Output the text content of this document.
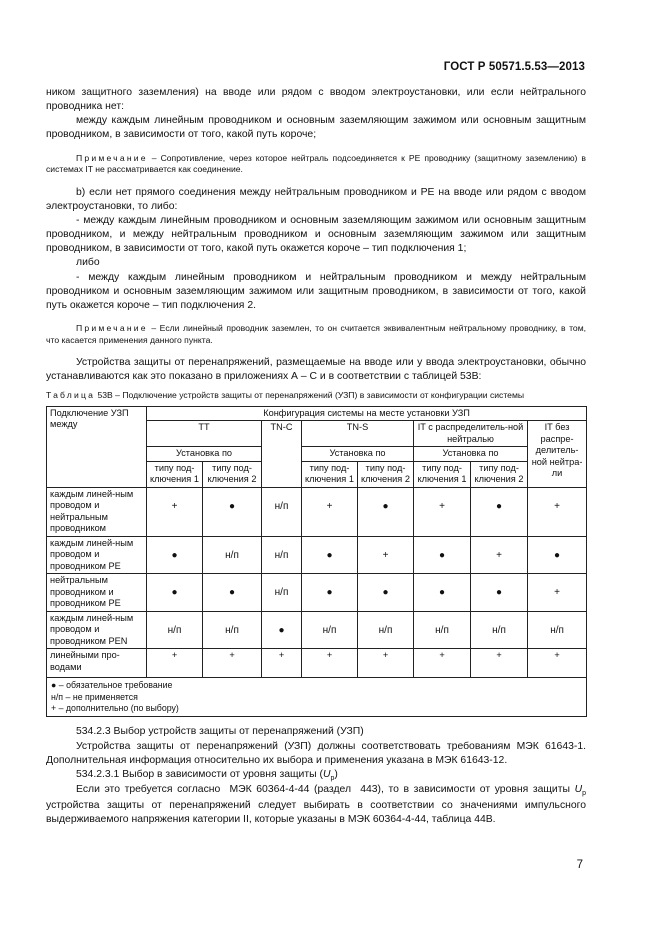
ГОСТ Р 50571.5.53—2013

ником защитного заземления) на вводе или рядом с вводом электроустановки, или если нейтрального проводника нет:

между каждым линейным проводником и основным заземляющим зажимом или основным защитным проводником, в зависимости от того, какой путь короче;

Примечание – Сопротивление, через которое нейтраль подсоединяется к PE проводнику (защитному заземлению) в системах IT не рассматривается как соединение.

b) если нет прямого соединения между нейтральным проводником и PE на вводе или рядом с вводом электроустановки, то либо:

- между каждым линейным проводником и основным заземляющим зажимом или основным защитным проводником, и между нейтральным проводником и основным заземляющим зажимом или защитным проводником, в зависимости от того, какой путь окажется короче – тип подключения 1;

либо

- между каждым линейным проводником и нейтральным проводником и между нейтральным проводником и основным заземляющим зажимом или защитным проводником, в зависимости от того, какой путь окажется короче – тип подключения 2.

Примечание – Если линейный проводник заземлен, то он считается эквивалентным нейтральному проводнику, в том, что касается применения данного пункта.

Устройства защиты от перенапряжений, размещаемые на вводе или у ввода электроустановки, обычно устанавливаются как это показано в приложениях А – С и в соответствии с таблицей 53В:

Таблица 53В – Подключение устройств защиты от перенапряжений (УЗП) в зависимости от конфигурации системы

Подключение УЗП между	Конфигурация системы на месте установки УЗП							
	TT		TN-C	TN-S		IT с распределитель-ной нейтралью		IT без распре-делитель-ной нейтра-ли
	Установка по			Установка по		Установка по		
	типу под-ключения 1	типу под-ключения 2		типу под-ключения 1	типу под-ключения 2	типу под-ключения 1	типу под-ключения 2	
каждым линей-ным проводом и нейтральным проводником	+	●	н/п	+	●	+	●	+
каждым линей-ным проводом и проводником PE	●	н/п	н/п	●	+	●	+	●
нейтральным проводником и проводником PE	●	●	н/п	●	●	●	●	+
каждым линей-ным проводом и проводником PEN	н/п	н/п	●	н/п	н/п	н/п	н/п	н/п
линейными про-водами	+	+	+	+	+	+	+	+

● – обязательное требование
н/п – не применяется
+ – дополнительно (по выбору)								

534.2.3 Выбор устройств защиты от перенапряжений (УЗП)

Устройства защиты от перенапряжений (УЗП) должны соответствовать требованиям МЭК 61643-1. Дополнительная информация относительно их выбора и применения указана в МЭК 61643-12.

534.2.3.1 Выбор в зависимости от уровня защиты $(U_p)$

Если это требуется согласно  МЭК 60364-4-44 (раздел  443), то в зависимости от уровня защиты $U_p$ устройства защиты от перенапряжений следует выбирать в соответствии со значениями импульсного выдерживаемого напряжения категории II, которые указаны в МЭК 60364-4-44, таблица 44В.

7
